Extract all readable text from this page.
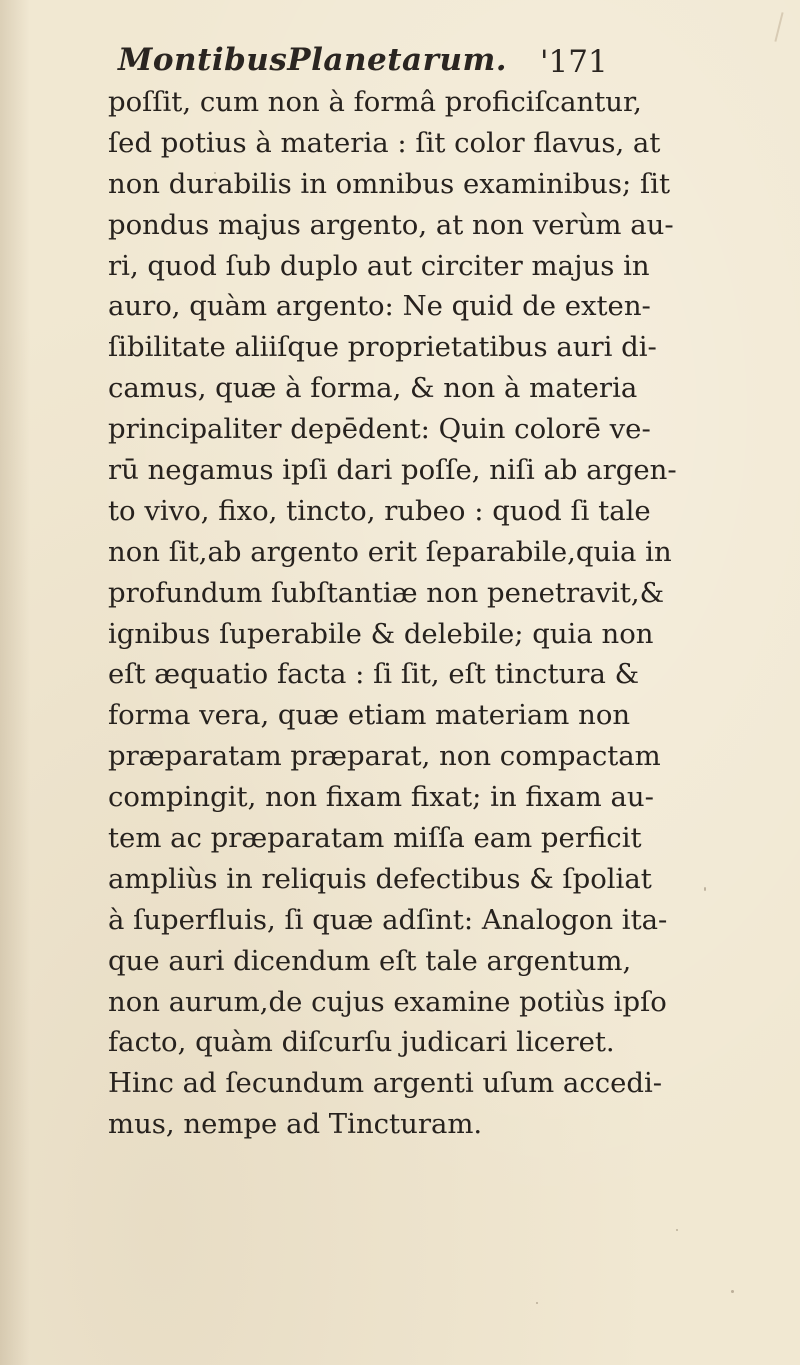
MontibusPlanetarum. '171
poſſit, cum non à formâ proficiſcantur,
ſed potius à materia : ſit color flavus, at
non durabilis in omnibus examinibus; ſit
pondus majus argento, at non verùm au-
ri, quod ſub duplo aut circiter majus in
auro, quàm argento: Ne quid de exten-
ſibilitate aliiſque proprietatibus auri di-
camus, quæ à forma, & non à materia
principaliter depēdent: Quin colorē ve-
rū negamus ipſi dari poſſe, niſi ab argen-
to vivo, fixo, tincto, rubeo : quod ſi tale
non ſit,ab argento erit ſeparabile,quia in
profundum ſubſtantiæ non penetravit,&
ignibus ſuperabile & delebile; quia non
eſt æquatio facta : ſi ſit, eſt tinctura &
forma vera, quæ etiam materiam non
præparatam præparat, non compactam
compingit, non fixam fixat; in fixam au-
tem ac præparatam miſſa eam perficit
ampliùs in reliquis defectibus & ſpoliat
à ſuperfluis, ſi quæ adſint: Analogon ita-
que auri dicendum eſt tale argentum,
non aurum,de cujus examine potiùs ipſo
facto, quàm diſcurſu judicari liceret.
Hinc ad ſecundum argenti uſum accedi-
mus, nempe ad Tincturam.
